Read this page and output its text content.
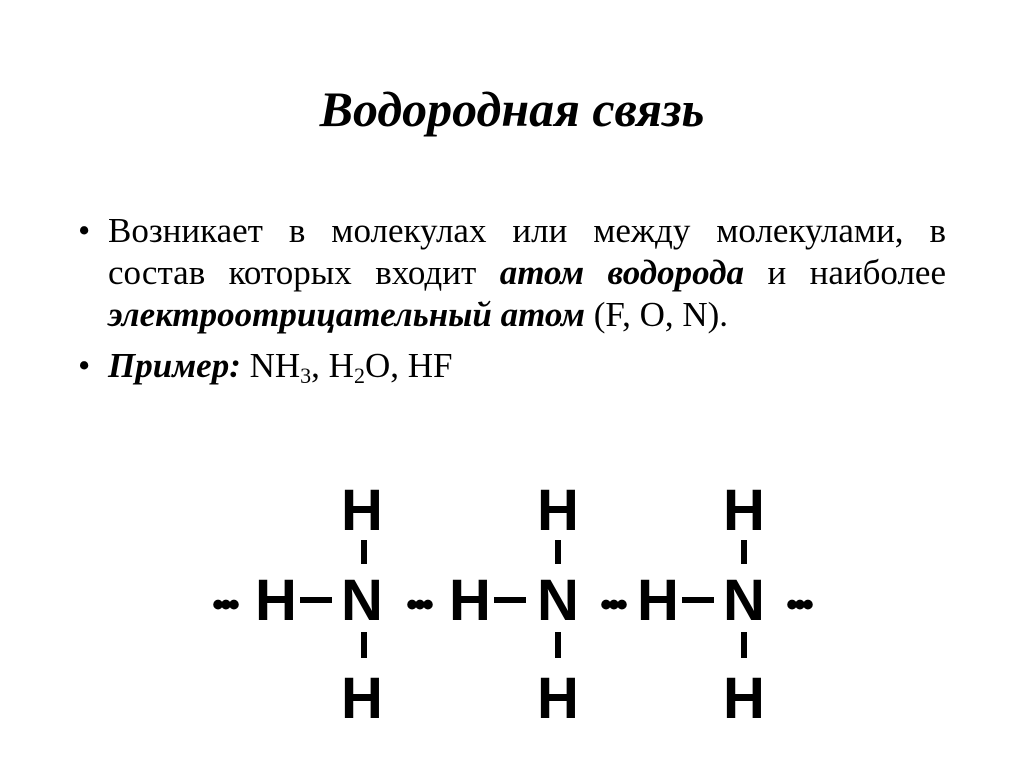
Водородная связь
• Возникает в молекулах или между молекулами, в состав которых входит атом водорода и наиболее электроотрицательный атом (F, O, N).
• Пример: $NH_3$, $H_2O$, HF
H
••• H N
H
•••
H
H N
H
•••
H
H N
H
•••
